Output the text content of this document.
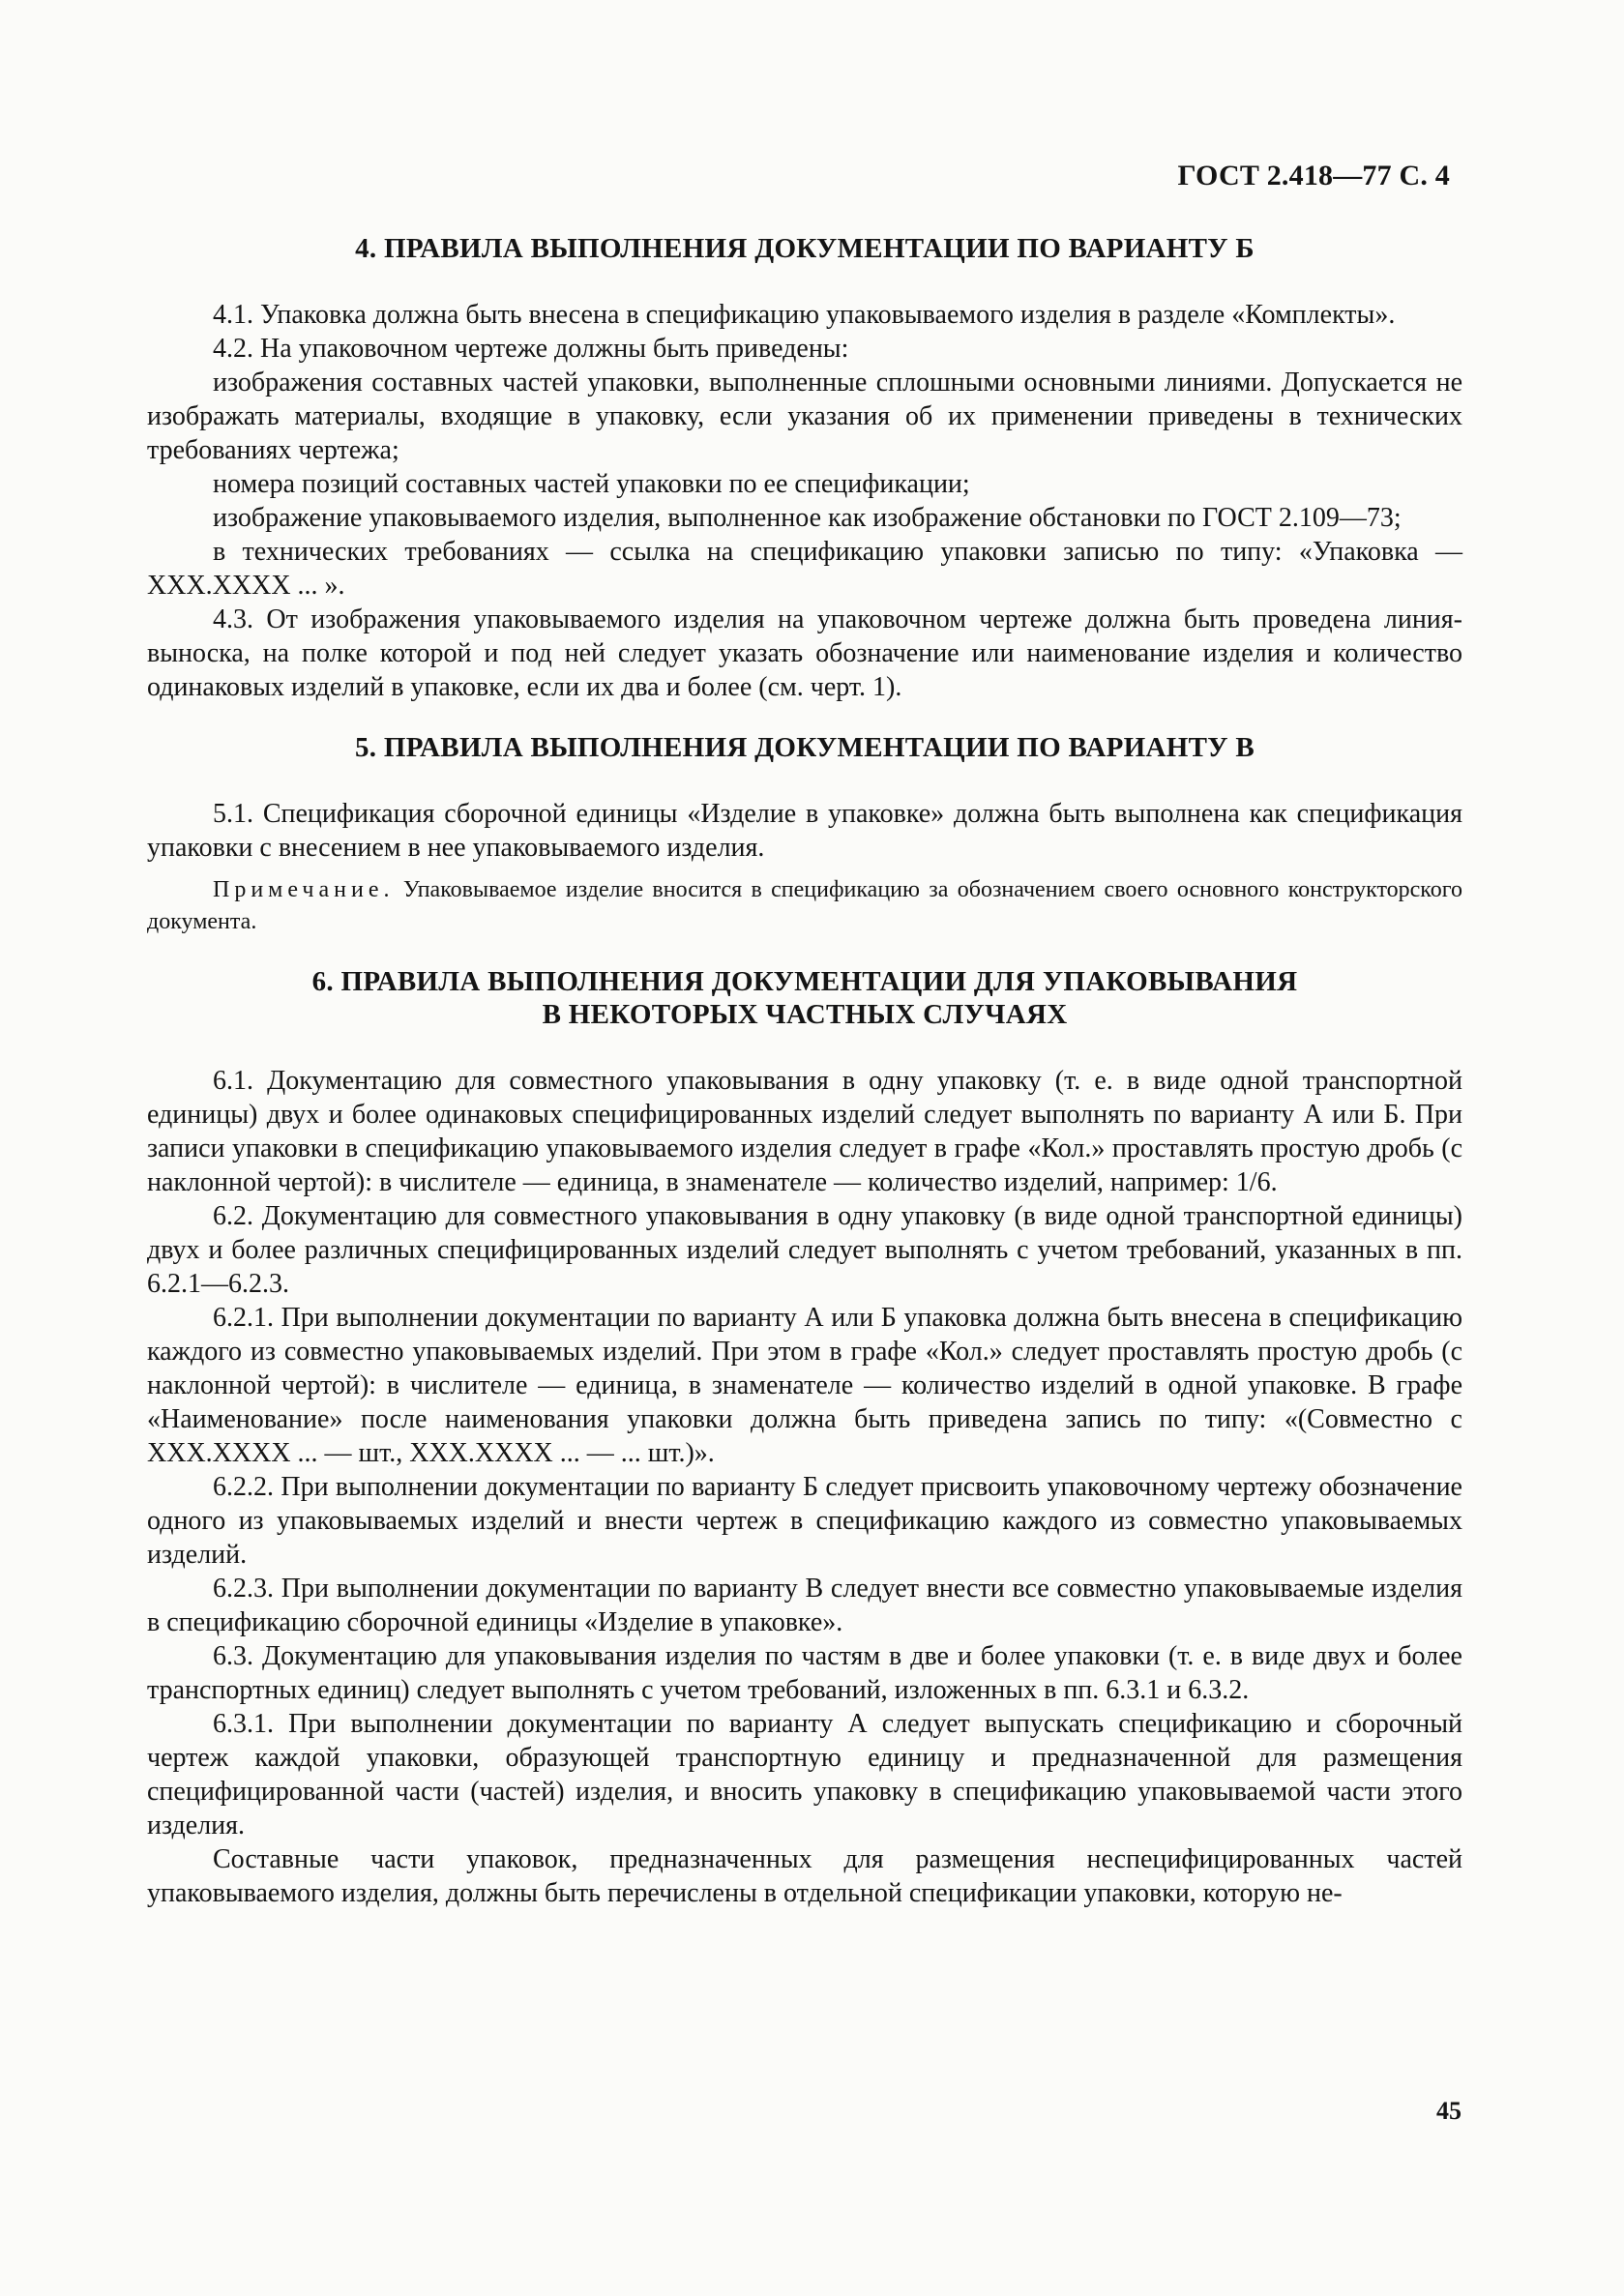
ГОСТ 2.418—77 С. 4
4. ПРАВИЛА ВЫПОЛНЕНИЯ ДОКУМЕНТАЦИИ ПО ВАРИАНТУ Б

4.1. Упаковка должна быть внесена в спецификацию упаковываемого изделия в разделе «Комплекты».

4.2. На упаковочном чертеже должны быть приведены:

изображения составных частей упаковки, выполненные сплошными основными линиями. Допускается не изображать материалы, входящие в упаковку, если указания об их применении приведены в технических требованиях чертежа;

номера позиций составных частей упаковки по ее спецификации;

изображение упаковываемого изделия, выполненное как изображение обстановки по ГОСТ 2.109—73;

в технических требованиях — ссылка на спецификацию упаковки записью по типу: «Упаковка — ХХХ.ХХХХ ... ».

4.3. От изображения упаковываемого изделия на упаковочном чертеже должна быть проведена линия-выноска, на полке которой и под ней следует указать обозначение или наименование изделия и количество одинаковых изделий в упаковке, если их два и более (см. черт. 1).

5. ПРАВИЛА ВЫПОЛНЕНИЯ ДОКУМЕНТАЦИИ ПО ВАРИАНТУ В

5.1. Спецификация сборочной единицы «Изделие в упаковке» должна быть выполнена как спецификация упаковки с внесением в нее упаковываемого изделия.

Примечание. Упаковываемое изделие вносится в спецификацию за обозначением своего основного конструкторского документа.

6. ПРАВИЛА ВЫПОЛНЕНИЯ ДОКУМЕНТАЦИИ ДЛЯ УПАКОВЫВАНИЯ
В НЕКОТОРЫХ ЧАСТНЫХ СЛУЧАЯХ

6.1. Документацию для совместного упаковывания в одну упаковку (т. е. в виде одной транспортной единицы) двух и более одинаковых специфицированных изделий следует выполнять по варианту А или Б. При записи упаковки в спецификацию упаковываемого изделия следует в графе «Кол.» проставлять простую дробь (с наклонной чертой): в числителе — единица, в знаменателе — количество изделий, например: 1/6.

6.2. Документацию для совместного упаковывания в одну упаковку (в виде одной транспортной единицы) двух и более различных специфицированных изделий следует выполнять с учетом требований, указанных в пп. 6.2.1—6.2.3.

6.2.1. При выполнении документации по варианту А или Б упаковка должна быть внесена в спецификацию каждого из совместно упаковываемых изделий. При этом в графе «Кол.» следует проставлять простую дробь (с наклонной чертой): в числителе — единица, в знаменателе — количество изделий в одной упаковке. В графе «Наименование» после наименования упаковки должна быть приведена запись по типу: «(Совместно с ХХХ.ХХХХ ... — шт., ХХХ.ХХХХ ... — ... шт.)».

6.2.2. При выполнении документации по варианту Б следует присвоить упаковочному чертежу обозначение одного из упаковываемых изделий и внести чертеж в спецификацию каждого из совместно упаковываемых изделий.

6.2.3. При выполнении документации по варианту В следует внести все совместно упаковываемые изделия в спецификацию сборочной единицы «Изделие в упаковке».

6.3. Документацию для упаковывания изделия по частям в две и более упаковки (т. е. в виде двух и более транспортных единиц) следует выполнять с учетом требований, изложенных в пп. 6.3.1 и 6.3.2.

6.3.1. При выполнении документации по варианту А следует выпускать спецификацию и сборочный чертеж каждой упаковки, образующей транспортную единицу и предназначенной для размещения специфицированной части (частей) изделия, и вносить упаковку в спецификацию упаковываемой части этого изделия.

Составные части упаковок, предназначенных для размещения неспецифицированных частей упаковываемого изделия, должны быть перечислены в отдельной спецификации упаковки, которую не-

45
